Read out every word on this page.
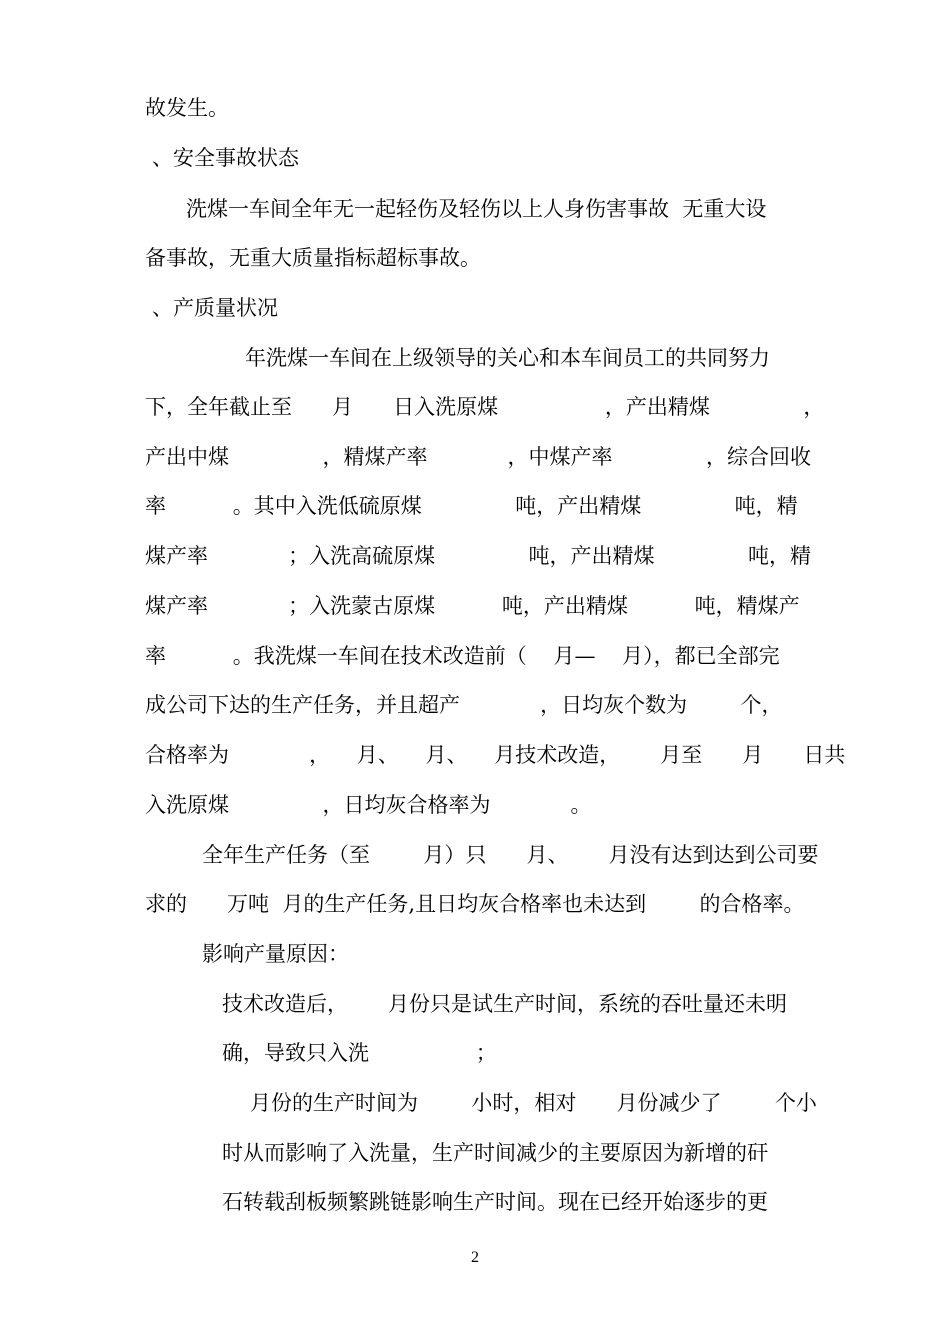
故发生。
、安全事故状态
洗煤一车间全年无一起轻伤及轻伤以上人身伤害事故  无重大设
备事故，无重大质量指标超标事故。
、产质量状况
年洗煤一车间在上级领导的关心和本车间员工的共同努力
下，全年截止至      月      日入洗原煤                ，产出精煤              ，
产出中煤              ，精煤产率            ，中煤产率              ，综合回收
率          。其中入洗低硫原煤              吨，产出精煤              吨，精
煤产率            ；入洗高硫原煤              吨，产出精煤              吨，精
煤产率            ；入洗蒙古原煤          吨，产出精煤          吨，精煤产
率          。我洗煤一车间在技术改造前（    月—    月），都已全部完
成公司下达的生产任务，并且超产            ，日均灰个数为        个，
合格率为            ，    月、    月、    月技术改造，      月至      月      日共
入洗原煤              ，日均灰合格率为            。
全年生产任务（至        月）只      月、      月没有达到达到公司要
求的      万吨  月的生产任务,且日均灰合格率也未达到        的合格率。
影响产量原因：
技术改造后，      月份只是试生产时间，系统的吞吐量还未明
确，导致只入洗                ；
月份的生产时间为        小时，相对      月份减少了        个小
时从而影响了入洗量，生产时间减少的主要原因为新增的矸
石转载刮板频繁跳链影响生产时间。现在已经开始逐步的更
2
